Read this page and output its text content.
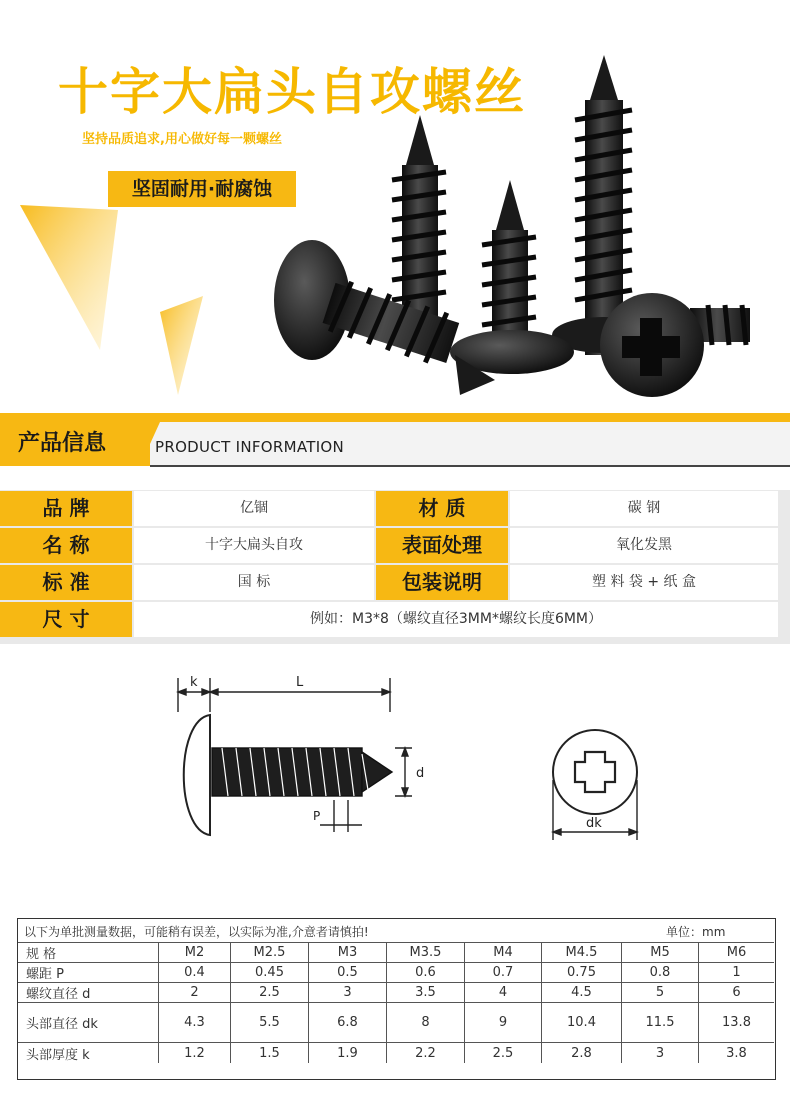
十字大扁头自攻螺丝
坚持品质追求,用心做好每一颗螺丝
坚固耐用·耐腐蚀
产品信息	PRODUCT INFORMATION
品 牌	亿锢	材 质	碳 钢
名 称	十字大扁头自攻	表面处理	氧化发黑
标 准	国 标	包装说明	塑 料 袋 + 纸 盒
尺 寸	例如：M3*8（螺纹直径3MM*螺纹长度6MM）
k	L
d
P	dk
以下为单批测量数据，可能稍有误差，以实际为准,介意者请慎拍!	单位：mm
规 格	M2	M2.5	M3	M3.5	M4	M4.5	M5	M6
螺距 P	0.4	0.45	0.5	0.6	0.7	0.75	0.8	1
螺纹直径 d	2	2.5	3	3.5	4	4.5	5	6
头部直径 dk	4.3	5.5	6.8	8	9	10.4	11.5	13.8
头部厚度 k	1.2	1.5	1.9	2.2	2.5	2.8	3	3.8
